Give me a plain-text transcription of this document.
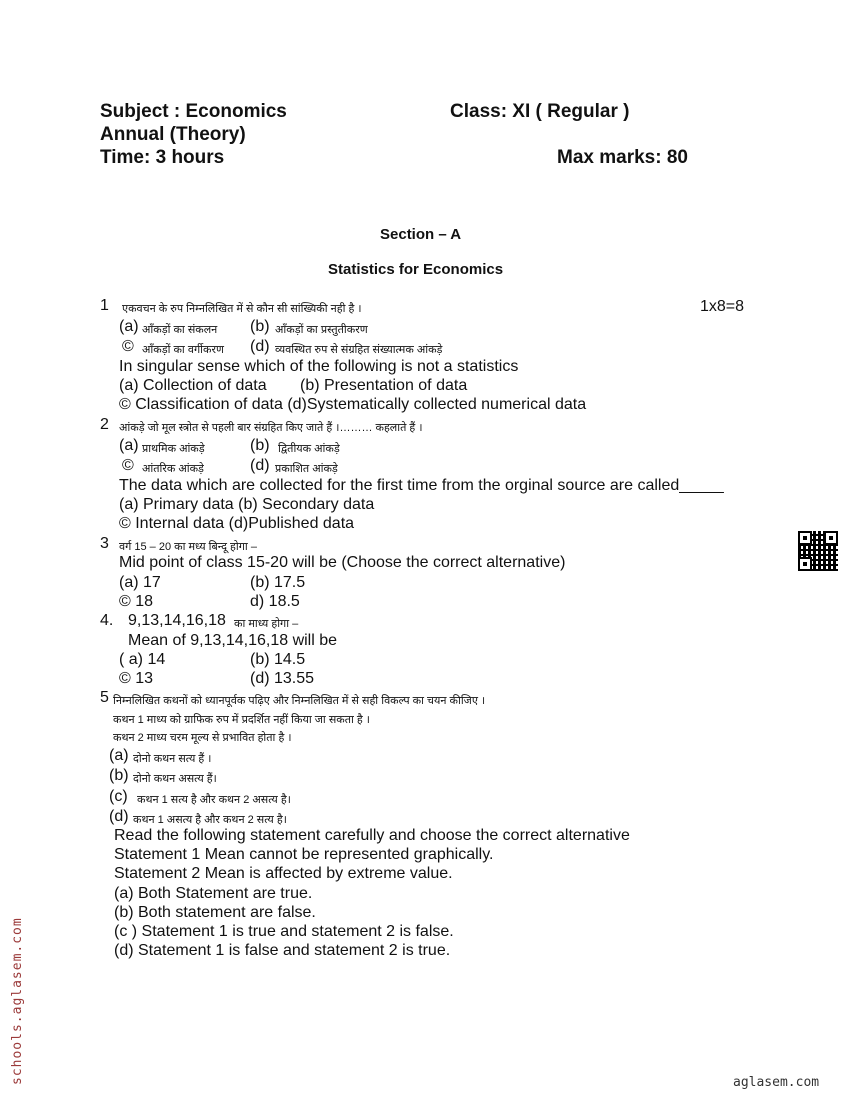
Subject : Economics	Class: XI ( Regular )
Annual (Theory)
Time: 3 hours	Max marks: 80
Section – A
Statistics for Economics
1 एकवचन के रुप निम्नलिखित में से कौन सी सांख्यिकी नही है ।	1x8=8
(a) आँकड़ों का संकलन (b) आँकड़ों का प्रस्तुतीकरण
© आँकड़ों का वर्गीकरण (d) व्यवस्थित रुप से संग्रहित संख्यात्मक आंकड़े
In singular sense which of the following is not a statistics
(a) Collection of data (b) Presentation of data
© Classification of data (d)Systematically collected numerical data
2 आंकड़े जो मूल स्त्रोत से पहली बार संग्रहित किए जाते हैं ।……… कहलाते हैं ।
(a) प्राथमिक आंकड़े	(b) द्वितीयक आंकड़े
© आंतरिक आंकड़े	(d) प्रकाशित आंकड़े
The data which are collected for the first time from the orginal source are called_____
(a) Primary data (b) Secondary data
© Internal data (d)Published data
3 वर्ग 15 – 20 का मध्य बिन्दू होगा –
Mid point of class 15-20 will be (Choose the correct alternative)
(a) 17	(b) 17.5
© 18	d) 18.5
4. 9,13,14,16,18 का माध्य होगा –
Mean of 9,13,14,16,18 will be
( a) 14	(b) 14.5
© 13	(d) 13.55
5 निम्नलिखित कथनों को ध्यानपूर्वक पढ़िए और निम्नलिखित में से सही विकल्प का चयन कीजिए ।
कथन 1 माध्य को ग्राफिक रुप में प्रदर्शित नहीं किया जा सकता है ।
कथन 2 माध्य चरम मूल्य से प्रभावित होता है ।
(a) दोनो कथन सत्य हैं ।
(b) दोनो कथन असत्य हैं।
(c) कथन 1 सत्य है और कथन 2 असत्य है।
(d) कथन 1 असत्य है और कथन 2 सत्य है।
Read the following statement carefully and choose the correct alternative
Statement 1 Mean cannot be represented graphically.
Statement 2 Mean is affected by extreme value.
(a) Both Statement are true.
(b) Both statement are false.
(c ) Statement 1 is true and statement 2 is false.
(d) Statement 1 is false and statement 2 is true.
schools.aglasem.com	aglasem.com
